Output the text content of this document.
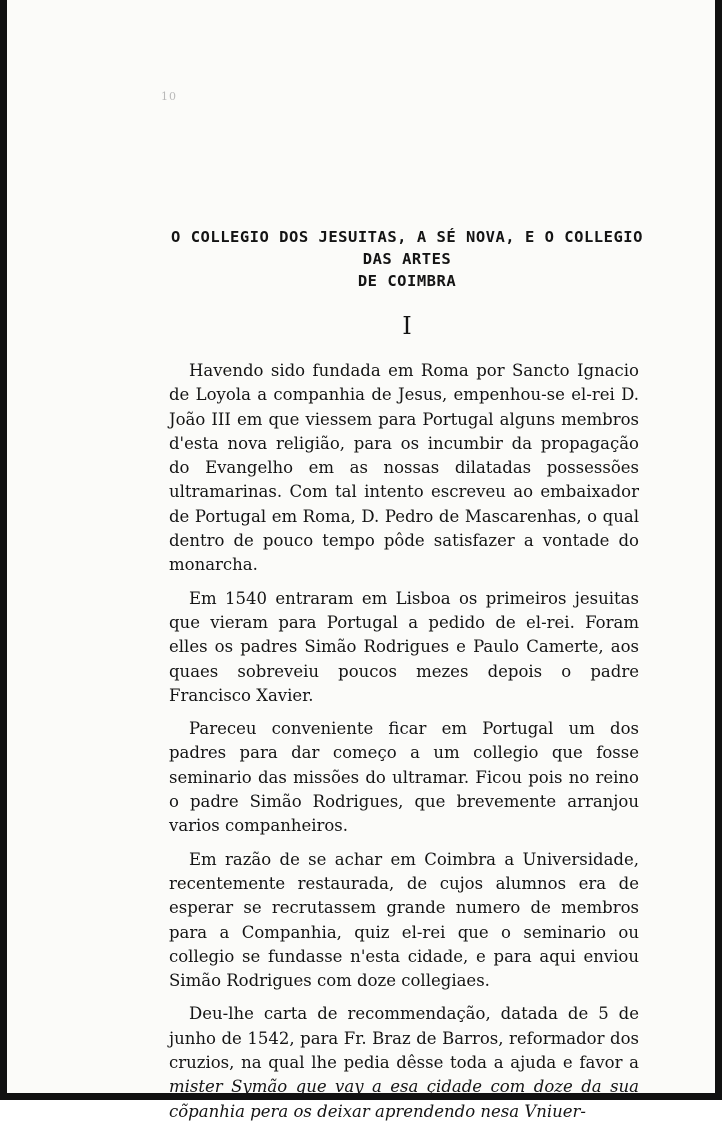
10
O COLLEGIO DOS JESUITAS, A SÉ NOVA, E O COLLEGIO DAS ARTES
DE COIMBRA
I

Havendo sido fundada em Roma por Sancto Ignacio de Loyola a companhia de Jesus, empenhou-se el-rei D. João III em que viessem para Portugal alguns membros d'esta nova religião, para os incumbir da propagação do Evangelho em as nossas dilatadas possessões ultramarinas. Com tal intento escreveu ao embaixador de Portugal em Roma, D. Pedro de Mascarenhas, o qual dentro de pouco tempo pôde satisfazer a vontade do monarcha.

Em 1540 entraram em Lisboa os primeiros jesuitas que vieram para Portugal a pedido de el-rei. Foram elles os padres Simão Rodrigues e Paulo Camerte, aos quaes sobreveiu poucos mezes depois o padre Francisco Xavier.

Pareceu conveniente ficar em Portugal um dos padres para dar começo a um collegio que fosse seminario das missões do ultramar. Ficou pois no reino o padre Simão Rodrigues, que brevemente arranjou varios companheiros.

Em razão de se achar em Coimbra a Universidade, recentemente restaurada, de cujos alumnos era de esperar se recrutassem grande numero de membros para a Companhia, quiz el-rei que o seminario ou collegio se fundasse n'esta cidade, e para aqui enviou Simão Rodrigues com doze collegiaes.

Deu-lhe carta de recommendação, datada de 5 de junho de 1542, para Fr. Braz de Barros, reformador dos cruzios, na qual lhe pedia dêsse toda a ajuda e favor a mister Symão que vay a esa çidade com doze da sua cõpanhia pera os deixar aprendendo nesa Vniuer-
